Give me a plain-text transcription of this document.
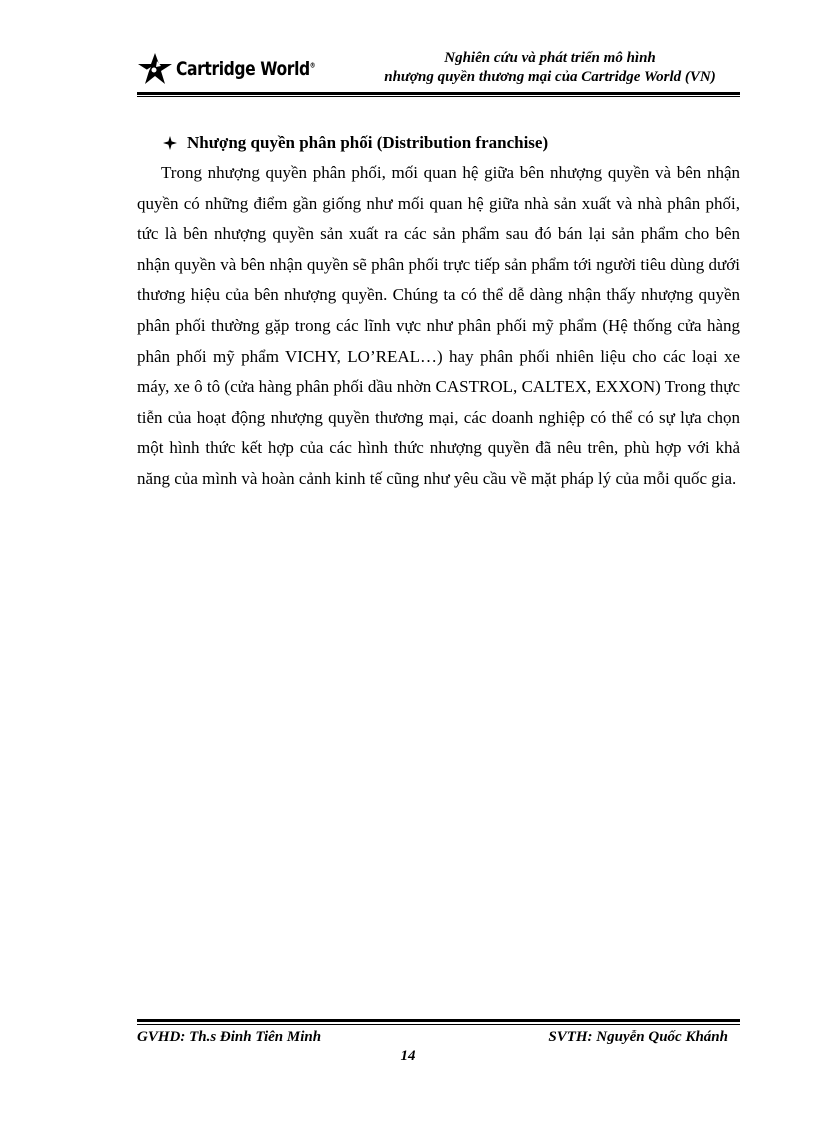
Cartridge World®	Nghiên cứu và phát triển mô hình
nhượng quyền thương mại của Cartridge World (VN)
Nhượng quyền phân phối (Distribution franchise)

Trong nhượng quyền phân phối, mối quan hệ giữa bên nhượng quyền và bên nhận quyền có những điểm gần giống như mối quan hệ giữa nhà sản xuất và nhà phân phối, tức là bên nhượng quyền sản xuất ra các sản phẩm sau đó bán lại sản phẩm cho bên nhận quyền và bên nhận quyền sẽ phân phối trực tiếp sản phẩm tới người tiêu dùng dưới thương hiệu của bên nhượng quyền. Chúng ta có thể dễ dàng nhận thấy nhượng quyền phân phối thường gặp trong các lĩnh vực như phân phối mỹ phẩm (Hệ thống cửa hàng phân phối mỹ phẩm VICHY, LO’REAL…) hay phân phối nhiên liệu cho các loại xe máy, xe ô tô (cửa hàng phân phối dầu nhờn CASTROL, CALTEX, EXXON) Trong thực tiễn của hoạt động nhượng quyền thương mại, các doanh nghiệp có thể có sự lựa chọn một hình thức kết hợp của các hình thức nhượng quyền đã nêu trên, phù hợp với khả năng của mình và hoàn cảnh kinh tế cũng như yêu cầu về mặt pháp lý của mỗi quốc gia.

GVHD: Th.s Đinh Tiên Minh	SVTH: Nguyễn Quốc Khánh
14
